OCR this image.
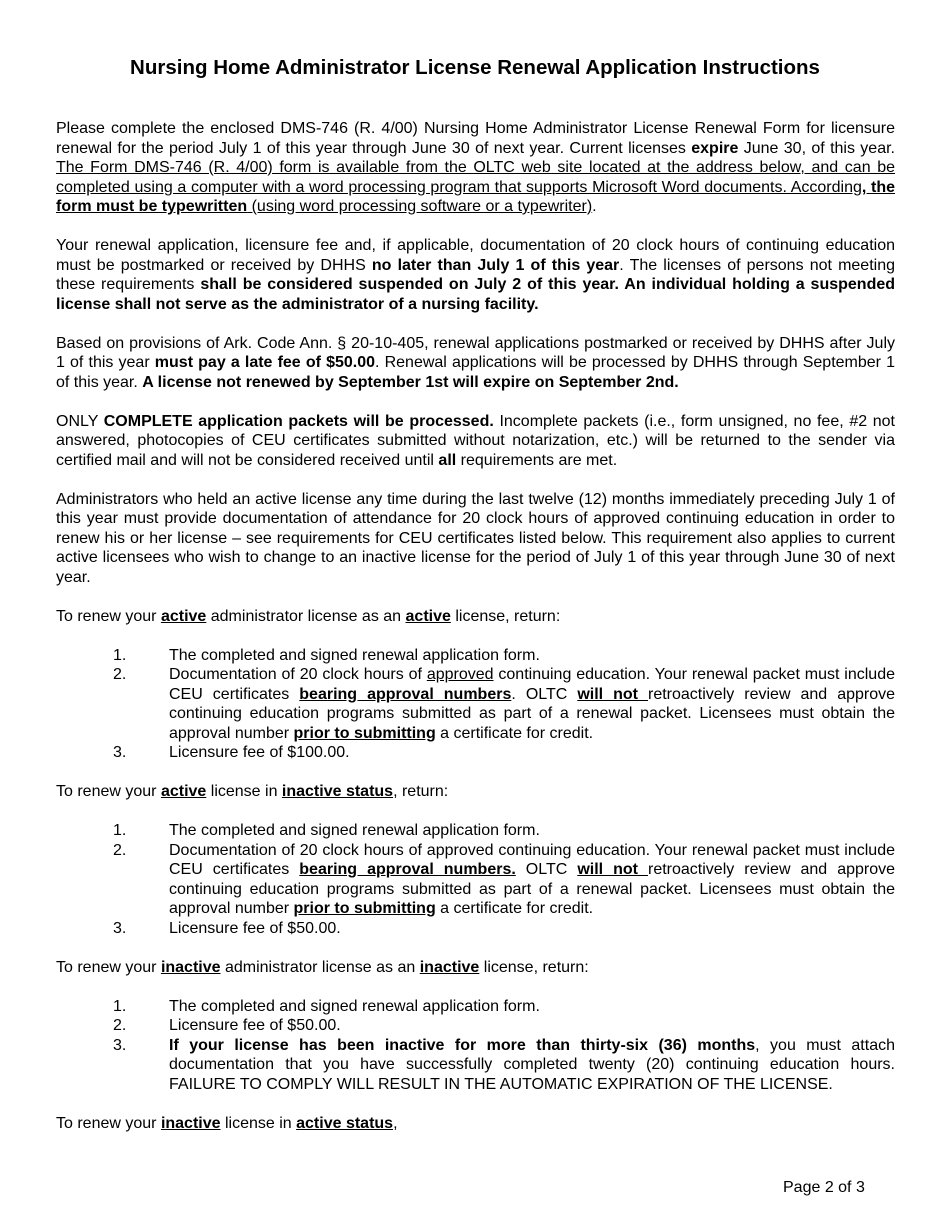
Nursing Home Administrator License Renewal Application Instructions

Please complete the enclosed DMS-746 (R. 4/00) Nursing Home Administrator License Renewal Form for licensure renewal for the period July 1 of this year through June 30 of next year. Current licenses expire June 30, of this year. The Form DMS-746 (R. 4/00) form is available from the OLTC web site located at the address below, and can be completed using a computer with a word processing program that supports Microsoft Word documents. According, the form must be typewritten (using word processing software or a typewriter).

Your renewal application, licensure fee and, if applicable, documentation of 20 clock hours of continuing education must be postmarked or received by DHHS no later than July 1 of this year. The licenses of persons not meeting these requirements shall be considered suspended on July 2 of this year. An individual holding a suspended license shall not serve as the administrator of a nursing facility.

Based on provisions of Ark. Code Ann. § 20-10-405, renewal applications postmarked or received by DHHS after July 1 of this year must pay a late fee of $50.00. Renewal applications will be processed by DHHS through September 1 of this year. A license not renewed by September 1st will expire on September 2nd.

ONLY COMPLETE application packets will be processed. Incomplete packets (i.e., form unsigned, no fee, #2 not answered, photocopies of CEU certificates submitted without notarization, etc.) will be returned to the sender via certified mail and will not be considered received until all requirements are met.

Administrators who held an active license any time during the last twelve (12) months immediately preceding July 1 of this year must provide documentation of attendance for 20 clock hours of approved continuing education in order to renew his or her license – see requirements for CEU certificates listed below. This requirement also applies to current active licensees who wish to change to an inactive license for the period of July 1 of this year through June 30 of next year.

To renew your active administrator license as an active license, return:

1.	The completed and signed renewal application form.
2.	Documentation of 20 clock hours of approved continuing education. Your renewal packet must include CEU certificates bearing approval numbers. OLTC will not retroactively review and approve continuing education programs submitted as part of a renewal packet. Licensees must obtain the approval number prior to submitting a certificate for credit.
3.	Licensure fee of $100.00.

To renew your active license in inactive status, return:

1.	The completed and signed renewal application form.
2.	Documentation of 20 clock hours of approved continuing education. Your renewal packet must include CEU certificates bearing approval numbers. OLTC will not retroactively review and approve continuing education programs submitted as part of a renewal packet. Licensees must obtain the approval number prior to submitting a certificate for credit.
3.	Licensure fee of $50.00.

To renew your inactive administrator license as an inactive license, return:

1.	The completed and signed renewal application form.
2.	Licensure fee of $50.00.
3.	If your license has been inactive for more than thirty-six (36) months, you must attach documentation that you have successfully completed twenty (20) continuing education hours. FAILURE TO COMPLY WILL RESULT IN THE AUTOMATIC EXPIRATION OF THE LICENSE.

To renew your inactive license in active status,

Page 2 of 3
